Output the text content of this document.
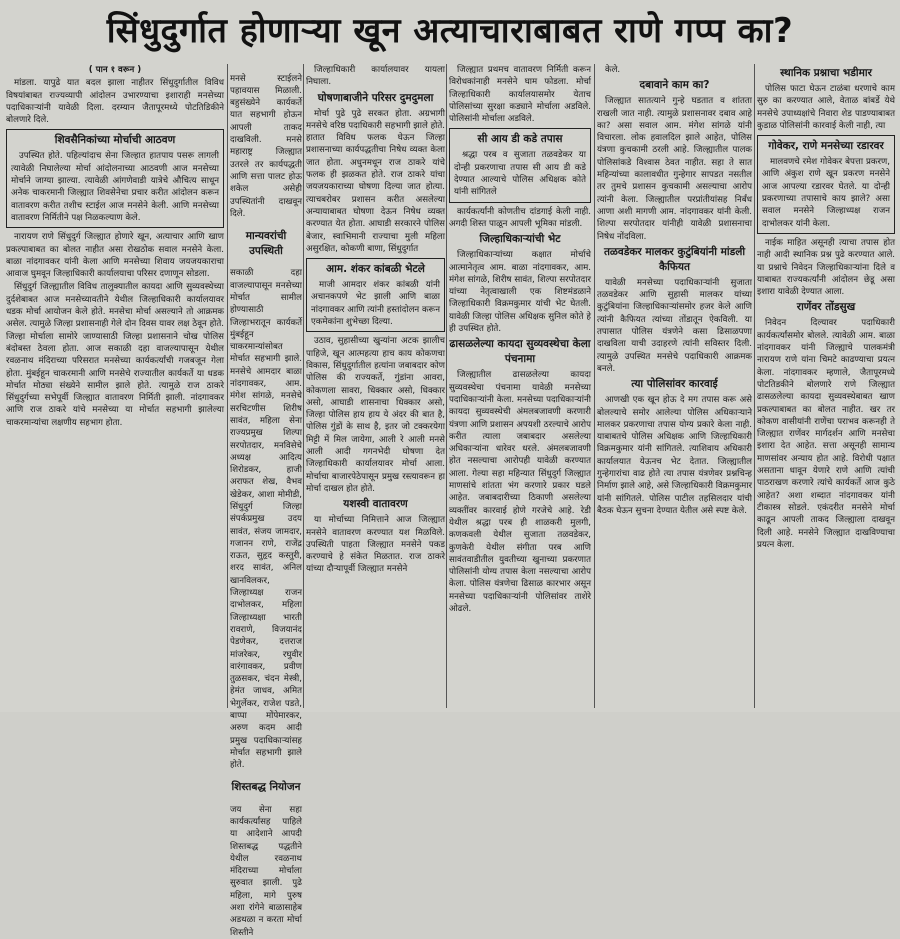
सिंधुदुर्गात होणाऱ्या खून अत्याचाराबाबत राणे गप्प का?
( पान १ वरून )

मांडला. यापुढे यात बदल झाला नाहीतर सिंधुदुर्गातील विविध विषयांबाबत राज्यव्यापी आंदोलन उभारण्याचा इशाराही मनसेच्या पदाधिकाऱ्यांनी यावेळी दिला. दरम्यान जैतापूरमध्ये पोटतिडिकीने बोलणारे दिले.

शिवसैनिकांच्या मोर्चाची आठवण

उपस्थित होते. पहिल्यांदाच सेना जिल्हात हातपाय पसरू लागली त्यावेळी निघालेल्या मोर्चा आंदोलनाच्या आठवणी आज मनसेच्या मोर्चाने जाग्या झाल्या. त्यावेळी आंगणेवाडी यात्रेचे औचित्य साधून अनेक चाकरमानी जिल्ह्यात शिवसेनेचा प्रचार करीत आंदोलन करून वातावरण करीत तशीच स्टाईल आज मनसेने केली. आणि मनसेच्या वातावरण निर्मितीने पक्ष निळकल्याण केले.

नारायण राणे सिंधुदुर्ग जिल्ह्यात होणारे खून, अत्याचार आणि खाण प्रकल्पाबाबत का बोलत नाहीत असा रोखठोक सवाल मनसेने केला. बाळा नांदगावकर यांनी केला आणि मनसेच्या शिवाय जयजयकाराचा आवाज घुमवून जिल्हाधिकारी कार्यालयाचा परिसर दणाणून सोडला.

सिंधुदुर्ग जिल्ह्यातील विविध तालुक्यातील कायदा आणि सुव्यवस्थेच्या दुर्दशेबाबत आज मनसेच्यावतीने येथील जिल्हाधिकारी कार्यालयावर धडक मोर्चा आयोजन केले होते. मनसेचा मोर्चा असल्याने तो आक्रमक असेल. त्यामुळे जिल्हा प्रशासनाही गेले दोन दिवस यावर लक्ष ठेवून होते. जिल्हा मोर्चाला सामोरे जाण्यासाठी जिल्हा प्रशासनाने चोख पोलिस बंदोबस्त ठेवला होता. आज सकाळी दहा वाजल्यापासून येथील रवळनाथ मंदिराच्या परिसरात मनसेच्या कार्यकर्त्यांची गजबजून गेला होता. मुंबईहून चाकरमानी आणि मनसेचे राज्यातील कार्यकर्ते या धडक मोर्चात मोठ्या संख्येने सामील झाले होते. त्यामुळे राज ठाकरे सिंधुदुर्गच्या सभेपूर्वी जिल्ह्यात वातावरण निर्मिती झाली. नांदगावकर आणि राज ठाकरे यांचे मनसेच्या या मोर्चात सहभागी झालेल्या चाकरमान्यांचा लक्षणीय सहभाग होता.

मनसे स्टाईलने पहावयास मिळाली. बहुसंख्येने कार्यकर्ते यात सहभागी होऊन आपली ताकद दाखविली. मनसे महाराष्ट्र जिल्ह्यात उतरले तर कार्यपद्धती आणि सत्ता पालट होऊ शकेल असेही उपस्थितांनी दाखवून दिले.

मान्यवरांची उपस्थिती

सकाळी दहा वाजल्यापासून मनसेच्या मोर्चात सामील होण्यासाठी जिल्हाभरातून कार्यकर्ते मुंबईहून चाकरमान्यांसोबत मोर्चात सहभागी झाले. मनसेचे आमदार बाळा नांदगावकर, आम. मंगेश सांगळे, मनसेचे सरचिटणीस शिरीष सावंत, महिला सेना राज्यप्रमुख शिल्पा सरपोतदार, मनविसेचे अध्यक्ष आदित्य शिरोडकर, हाजी अराफत शेख, वैभव खेडेकर, आशा मोमीडी, सिंधुदुर्ग जिल्हा संपर्कप्रमुख उदय सावंत, संजय जामदार, गजानन राणे, राजेंद्र राऊत, सुहृद कस्तुरी, शरद सावंत, अनिल खानविलकर, जिल्हाध्यक्ष राजन दाभोलकर, महिला जिल्हाध्यक्षा भारती रावराणे, विजयानंद पेडणेकर, दत्तराज मांजरेकर, रघुवीर वारंगावकर, प्रवीण तुळसकर, चंदन मेस्त्री, हेमंत जाधव, अमित भेगुर्लेकर, राजेश पडते, बाप्पा मोंपेमारकर, अरुण कदम आदी प्रमुख पदाधिकाऱ्यांसह मोर्चात सहभागी झाले होते.

शिस्तबद्ध नियोजन

जय सेना सहा कार्यकर्त्यांसह पाहिले या आदेशाने आपदी शिस्तबद्ध पद्धतीने येथील रवळनाथ मंदिराच्या मोर्चाला सुरुवात झाली. पुढे महिला, मागे पुरुष अशा रांगेने बाळासाहेब अडथळा न करता मोर्चा शिस्तीने

जिल्हाधिकारी कार्यालयावर यायला निघाला.

घोषणाबाजीने परिसर दुमदुमला

मोर्चा पुढे पुढे सरकत होता. अग्रभागी मनसेचे वरिष्ठ पदाधिकारी सहभागी झाले होते. हातात विविध फलक घेऊन जिल्हा प्रशासनाच्या कार्यपद्धतीचा निषेध व्यक्त केला जात होता. अधुनमधून राज ठाकरे यांचे फलक ही झळकत होते. राज ठाकरे यांचा जयजयकाराच्या घोषणा दिल्या जात होत्या. त्याचबरोबर प्रशासन करीत असलेल्या अन्यायाबाबत घोषणा देऊन निषेध व्यक्त करण्यात येत होता. आघाडी सरकारने पोलिस बेजार, स्वाभिमानी राज्याचा मुली महिला असुरक्षित, कोकणी बाणा, सिंधुदुर्गात

आम. शंकर कांबळी भेटले

माजी आमदार शंकर कांबळी यांनी अचानकपणे भेट झाली आणि बाळा नांदगावकर आणि त्यांनी हस्तांदोलन करून एकमेकांना शुभेच्छा दिल्या.

उठाव, सुहासीच्या खुन्यांना अटक झालीच पाहिजे, खून आत्महत्या हाच काय कोकणचा विकास, सिंधुदुर्गातील हत्यांना जबाबदार कोण पोलिस की राज्यकर्ते, गुंडांना आवरा, कोकणला सावरा, धिक्कार असो, धिक्कार असो, आघाडी शासनाचा धिक्कार असो, जिल्हा पोलिस हाय हाय ये अंदर की बात है, पोलिस गुंडों के साथ है, इतर जो टक्करयेगा मिट्टी में मिल जायेगा, आली रे आली मनसे आली आदी गगनभेदी घोषणा देत जिल्हाधिकारी कार्यालयावर मोर्चा आला. मोर्चाचा बाजारपेठेपासून प्रमुख रस्त्यावरून हा मोर्चा दाखल होत होते.

यशस्वी वातावरण

या मोर्चाच्या निमित्ताने आज जिल्ह्यात मनसेने वातावरण करण्यात यश मिळविले. उपस्थिती पाहता जिल्ह्यात मनसेने पकड करण्याचे हे संकेत मिळतात. राज ठाकरे यांच्या दौऱ्यापूर्वी जिल्ह्यात मनसेने

जिल्ह्यात प्रथमच वातावरण निर्मिती करून विरोधकांनाही मनसेने घाम फोडला. मोर्चा जिल्हाधिकारी कार्यालयासमोर येताच पोलिसांच्या सुरक्षा कड्याने मोर्चाला अडविले. पोलिसांनी मोर्चाला अडविले.

सी आय डी कडे तपास

श्रद्धा परब व सुजाता तळवडेकर या दोन्ही प्रकरणाचा तपास सी आय डी कडे देण्यात आल्याचे पोलिस अधिक्षक कोते यांनी सांगितले

कार्यकर्त्यांनी कोणतीच दांडगाई केली नाही. अगदी शिस्त पाळून आपली भूमिका मांडली.

जिल्हाधिकाऱ्यांची भेट

जिल्हाधिकाऱ्यांच्या कक्षात मोर्चाचे आत्मानेतृत्व आम. बाळा नांदगावकर, आम. मंगेश सांगळे, शिरीष सावंत, शिल्पा सरपोतदार यांच्या नेतृत्वाखाली एक शिष्टमंडळाने जिल्हाधिकारी विक्रमकुमार यांची भेट घेतली. यावेळी जिल्हा पोलिस अधिक्षक सुनिल कोते हे ही उपस्थित होते.

ढासळलेल्या कायदा सुव्यवस्थेचा केला पंचनामा

जिल्ह्यातील ढासळलेल्या कायदा सुव्यवस्थेचा पंचनामा यावेळी मनसेच्या पदाधिकाऱ्यांनी केला. मनसेच्या पदाधिकाऱ्यांनी कायदा सुव्यवस्थेची अंमलबजावणी करणारी यंत्रणा आणि प्रशासन अपयशी ठरल्याचे आरोप करीत त्याला जबाबदार असलेल्या अधिकाऱ्यांना धारेवर धरले. अंमलबजावणी होत नसल्याचा आरोपही यावेळी करण्यात आला. गेल्या सहा महिन्यात सिंधुदुर्ग जिल्ह्यात माणसांचे शांतता भंग करणारे प्रकार घडले आहेत. जबाबदारीच्या ठिकाणी असलेल्या व्यक्तींवर कारवाई होणे गरजेचे आहे. रेडी येथील श्रद्धा परब ही शाळकरी मुलगी, कणकवली येथील सुजाता तळवडेकर, कुणकेरी येथील संगीता परब आणि सावंतवाडीतील युवतीच्या खुनाच्या प्रकरणात पोलिसांनी योग्य तपास केला नसल्याचा आरोप केला. पोलिस यंत्रणेचा ढिसाळ कारभार असून मनसेच्या पदाधिकाऱ्यांनी पोलिसांवर ताशेरे ओढले.

केले.

दबावाने काम का?

जिल्ह्यात सातत्याने गुन्हे घडतात व शांतता राखली जात नाही. त्यामुळे प्रशासनावर दबाव आहे का? असा सवाल आम. मंगेश सांगळे यांनी विचारला. लोक हवालदिल झाले आहेत, पोलिस यंत्रणा कुचकामी ठरली आहे. जिल्ह्यातील पालक पोलिसांकडे विश्वास ठेवत नाहीत. सहा ते सात महिन्यांच्या कालावधीत गुन्हेगार सापडत नसतील तर तुमचे प्रशासन कुचकामी असल्याचा आरोप त्यांनी केला. जिल्ह्यातील परप्रांतीयांसह निर्बंध आणा अशी मागणी आम. नांदगावकर यांनी केली. शिल्पा सरपोतदार यांनीही यावेळी प्रशासनाचा निषेध नोंदविला.

तळवडेकर मालकर कुटुंबियांनी मांडली कैफियत

यावेळी मनसेच्या पदाधिकाऱ्यांनी सुजाता तळवडेकर आणि सुहासी मालकर यांच्या कुटुंबियांना जिल्हाधिकाऱ्यांसमोर हजर केले आणि त्यांनी कैफियत त्यांच्या तोंडातून ऐकविली. या तपासात पोलिस यंत्रणेने कसा ढिसाळपणा दाखविला याची उदाहरणे त्यांनी सविस्तर दिली. त्यामुळे उपस्थित मनसेचे पदाधिकारी आक्रमक बनले.

त्या पोलिसांवर कारवाई

आणखी एक खून होऊ दे मग तपास करू असे बोलल्याचे समोर आलेल्या पोलिस अधिकाऱ्याने मालकर प्रकरणाचा तपास योग्य प्रकारे केला नाही. याबाबतचे पोलिस अधिक्षक आणि जिल्हाधिकारी विक्रमकुमार यांनी सांगितले. त्याशिवाय अधिकारी कार्यालयात येऊनच भेट देतात. जिल्ह्यातील गुन्हेगारांचा वाढ होते त्या तपास यंत्रणेवर प्रश्नचिन्ह निर्माण झाले आहे, असे जिल्हाधिकारी विक्रमकुमार यांनी सांगितले. पोलिस पाटील तहसिलदार यांची बैठक घेऊन सुचना देण्यात येतील असे स्पष्ट केले.

स्थानिक प्रश्नाचा भडीमार

पोलिस फाटा घेऊन टाळंबा धरणाचे काम सुरु का करण्यात आले, वेताळ बांबर्डे येथे मनसेचे उपाध्यक्षांचे निवारा शेड पाडण्याबाबत कुडाळ पोलिसांनी कारवाई केली नाही, त्या

गोवेकर, राणे मनसेच्या रडारवर

मालवणचे रमेश गोवेकर बेपत्ता प्रकरण, आणि अंकुश राणे खून प्रकरण मनसेने आज आपल्या रडारवर घेतले. या दोन्ही प्रकरणाच्या तपासाचे काय झाले? असा सवाल मनसेने जिल्हाध्यक्ष राजन दाभोलकर यांनी केला.

नाईक माहित असूनही त्याचा तपास होत नाही आदी स्थानिक प्रश्न पुढे करण्यात आले. या प्रश्नाचे निवेदन जिल्हाधिकाऱ्यांना दिले व याबाबत राज्यकर्त्यांनी आंदोलन छेडू असा इशारा यावेळी देण्यात आला.

राणेंवर तोंडसुख

निवेदन दिल्यावर पदाधिकारी कार्यकर्त्यांसमोर बोलले. त्यावेळी आम. बाळा नांदगावकर यांनी जिल्ह्याचे पालकमंत्री नारायण राणे यांना चिमटे काढण्याचा प्रयत्न केला. नांदगावकर म्हणाले, जैतापूरमध्ये पोटतिडकीने बोलणारे राणे जिल्ह्यात ढासळलेल्या कायदा सुव्यवस्थेबाबत खाण प्रकल्पाबाबत का बोलत नाहीत. खर तर कोकण वासीयांनी राणेंचा पराभव करूनही ते जिल्ह्यात राणेंवर मार्गदर्शन आणि मनसेचा इशारा देत आहेत. सत्ता असूनही सामान्य माणसांवर अन्याय होत आहे. विरोधी पक्षात असताना धावून येणारे राणे आणि त्यांची पाठराखण करणारे त्यांचे कार्यकर्ते आज कुठे आहेत? अशा शब्दात नांदगावकर यांनी टीकास्त्र सोडले. एकंदरीत मनसेने मोर्चा काढून आपली ताकद जिल्ह्याला दाखवून दिली आहे. मनसेने जिल्ह्यात दाखविण्याचा प्रयत्न केला.
